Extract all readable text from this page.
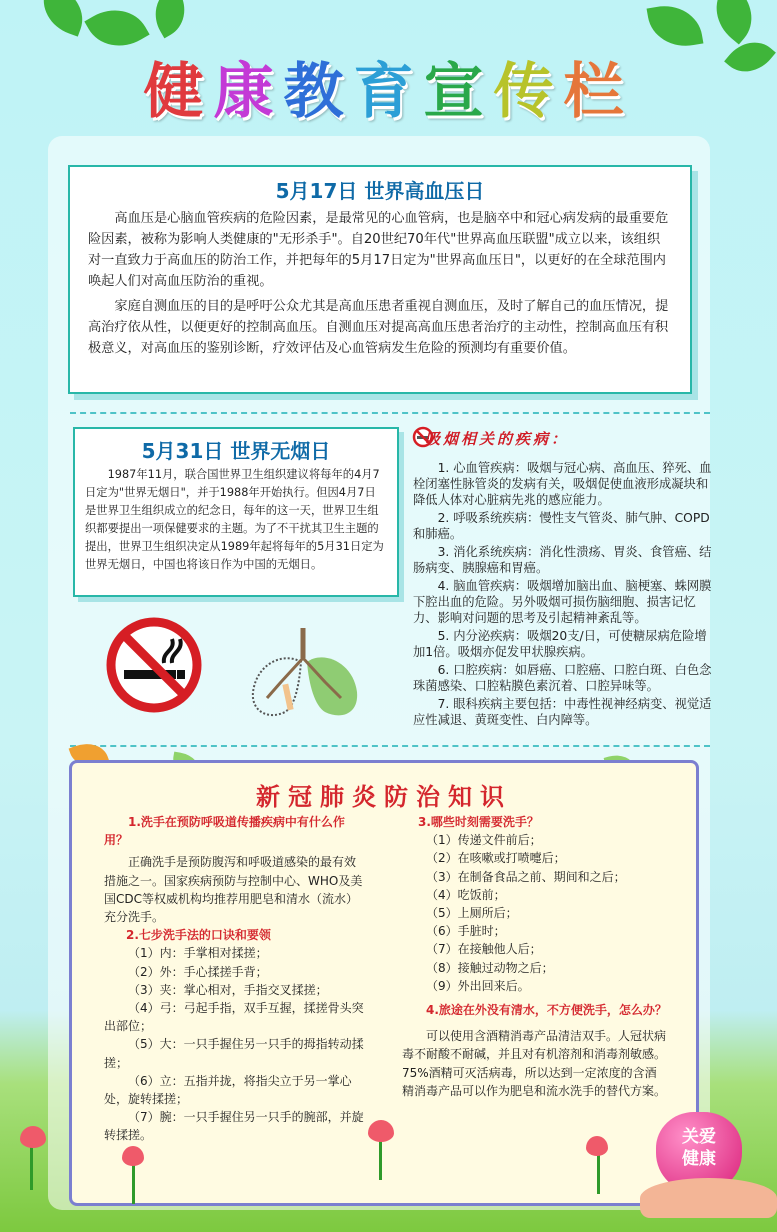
健康教育宣传栏
5月17日 世界高血压日

高血压是心脑血管疾病的危险因素，是最常见的心血管病，也是脑卒中和冠心病发病的最重要危险因素，被称为影响人类健康的"无形杀手"。自20世纪70年代"世界高血压联盟"成立以来，该组织对一直致力于高血压的防治工作，并把每年的5月17日定为"世界高血压日"，以更好的在全球范围内唤起人们对高血压防治的重视。

家庭自测血压的目的是呼吁公众尤其是高血压患者重视自测血压，及时了解自己的血压情况，提高治疗依从性，以便更好的控制高血压。自测血压对提高高血压患者治疗的主动性，控制高血压有积极意义，对高血压的鉴别诊断，疗效评估及心血管病发生危险的预测均有重要价值。

5月31日 世界无烟日

1987年11月，联合国世界卫生组织建议将每年的4月7日定为"世界无烟日"，并于1988年开始执行。但因4月7日是世界卫生组织成立的纪念日，每年的这一天，世界卫生组织都要提出一项保健要求的主题。为了不干扰其卫生主题的提出，世界卫生组织决定从1989年起将每年的5月31日定为世界无烟日，中国也将该日作为中国的无烟日。

吸烟相关的疾病：

1. 心血管疾病：吸烟与冠心病、高血压、猝死、血栓闭塞性脉管炎的发病有关，吸烟促使血液形成凝块和降低人体对心脏病先兆的感应能力。

2. 呼吸系统疾病：慢性支气管炎、肺气肿、COPD和肺癌。

3. 消化系统疾病：消化性溃疡、胃炎、食管癌、结肠病变、胰腺癌和胃癌。

4. 脑血管疾病：吸烟增加脑出血、脑梗塞、蛛网膜下腔出血的危险。另外吸烟可损伤脑细胞、损害记忆力、影响对问题的思考及引起精神紊乱等。

5. 内分泌疾病：吸烟20支/日，可使糖尿病危险增加1倍。吸烟亦促发甲状腺疾病。

6. 口腔疾病：如唇癌、口腔癌、口腔白斑、白色念珠菌感染、口腔粘膜色素沉着、口腔异味等。

7. 眼科疾病主要包括：中毒性视神经病变、视觉适应性减退、黄斑变性、白内障等。

新冠肺炎防治知识

1.洗手在预防呼吸道传播疾病中有什么作用？

正确洗手是预防腹泻和呼吸道感染的最有效措施之一。国家疾病预防与控制中心、WHO及美国CDC等权威机构均推荐用肥皂和清水（流水）充分洗手。

2.七步洗手法的口诀和要领

（1）内：手掌相对揉搓；

（2）外：手心揉搓手背；

（3）夹：掌心相对，手指交叉揉搓；

（4）弓：弓起手指，双手互握，揉搓骨头突出部位；

（5）大：一只手握住另一只手的拇指转动揉搓；

（6）立：五指并拢，将指尖立于另一掌心处，旋转揉搓；

（7）腕：一只手握住另一只手的腕部，并旋转揉搓。

3.哪些时刻需要洗手？

（1）传递文件前后；

（2）在咳嗽或打喷嚏后；

（3）在制备食品之前、期间和之后；

（4）吃饭前；

（5）上厕所后；

（6）手脏时；

（7）在接触他人后；

（8）接触过动物之后；

（9）外出回来后。

4.旅途在外没有清水，不方便洗手，怎么办？

可以使用含酒精消毒产品清洁双手。人冠状病毒不耐酸不耐碱，并且对有机溶剂和消毒剂敏感。75%酒精可灭活病毒，所以达到一定浓度的含酒精消毒产品可以作为肥皂和流水洗手的替代方案。

关爱
健康
